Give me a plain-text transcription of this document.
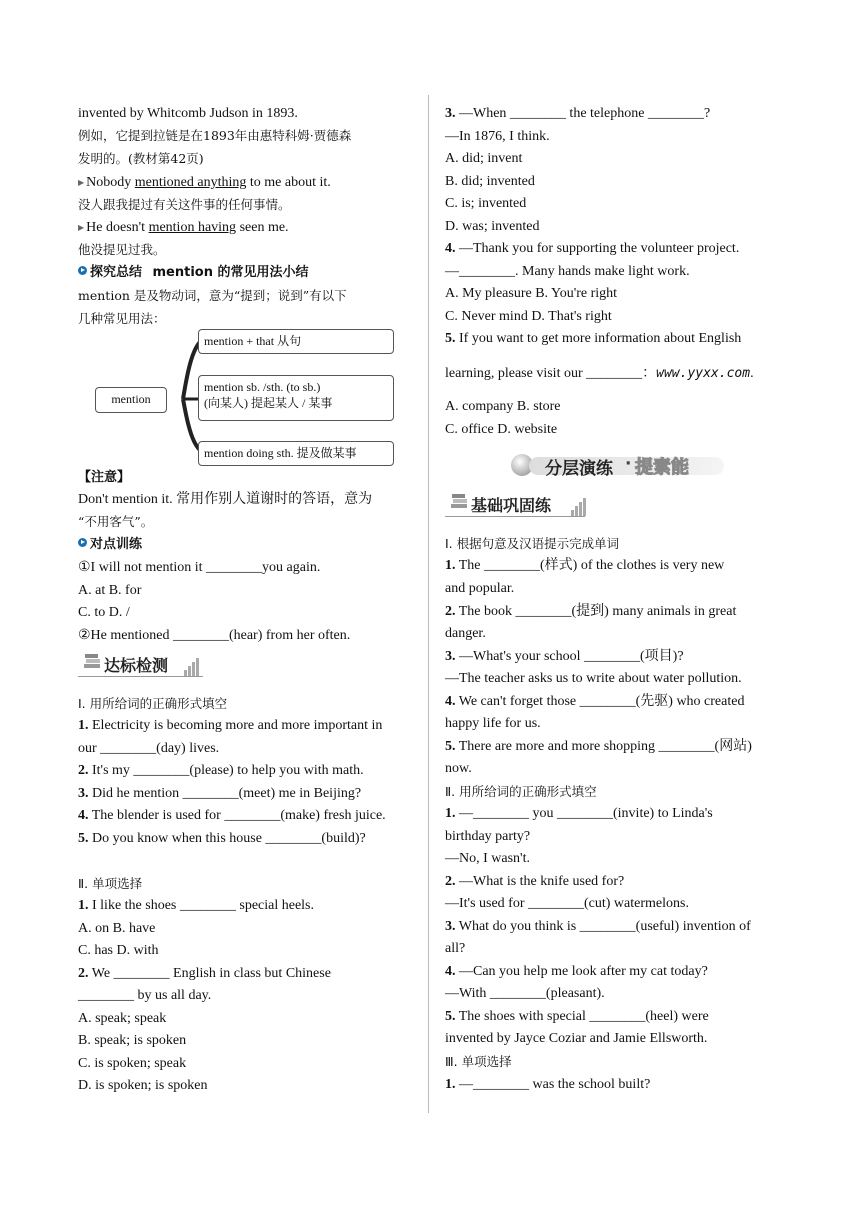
invented by Whitcomb Judson in 1893.
例如，它提到拉链是在1893年由惠特科姆·贾德森
发明的。(教材第42页)
▶ Nobody mentioned anything to me about it.
没人跟我提过有关这件事的任何事情。
▶ He doesn't mention having seen me.
他没提见过我。
探究总结 mention 的常见用法小结
mention 是及物动词，意为“提到；说到”有以下
几种常见用法：
mention
mention + that 从句
mention sb. /sth. (to sb.)
(向某人) 提起某人 / 某事
mention doing sth. 提及做某事
【注意】
Don't mention it. 常用作别人道谢时的答语，意为
“不用客气”。
对点训练
①I will not mention it ________you again.
A. at B. for
C. to D. /
②He mentioned ________(hear) from her often.
达标检测
Ⅰ. 用所给词的正确形式填空
1. Electricity is becoming more and more important in
our ________(day) lives.
2. It's my ________(please) to help you with math.
3. Did he mention ________(meet) me in Beijing?
4. The blender is used for ________(make) fresh juice.
5. Do you know when this house ________(build)?
Ⅱ. 单项选择
1. I like the shoes ________ special heels.
A. on B. have
C. has D. with
2. We ________ English in class but Chinese
________ by us all day.
A. speak; speak
B. speak; is spoken
C. is spoken; speak
D. is spoken; is spoken
3. —When ________ the telephone ________?
—In 1876, I think.
A. did; invent
B. did; invented
C. is; invented
D. was; invented
4. —Thank you for supporting the volunteer project.
—________. Many hands make light work.
A. My pleasure B. You're right
C. Never mind D. That's right
5. If you want to get more information about English
learning, please visit our ________：www.yyxx.com.
A. company B. store
C. office D. website
分层演练 · 提素能
基础巩固练
Ⅰ. 根据句意及汉语提示完成单词
1. The ________(样式) of the clothes is very new
and popular.
2. The book ________(提到) many animals in great
danger.
3. —What's your school ________(项目)?
—The teacher asks us to write about water pollution.
4. We can't forget those ________(先驱) who created
happy life for us.
5. There are more and more shopping ________(网站)
now.
Ⅱ. 用所给词的正确形式填空
1. —________ you ________(invite) to Linda's
birthday party?
—No, I wasn't.
2. —What is the knife used for?
—It's used for ________(cut) watermelons.
3. What do you think is ________(useful) invention of
all?
4. —Can you help me look after my cat today?
—With ________(pleasant).
5. The shoes with special ________(heel) were
invented by Jayce Coziar and Jamie Ellsworth.
Ⅲ. 单项选择
1. —________ was the school built?
